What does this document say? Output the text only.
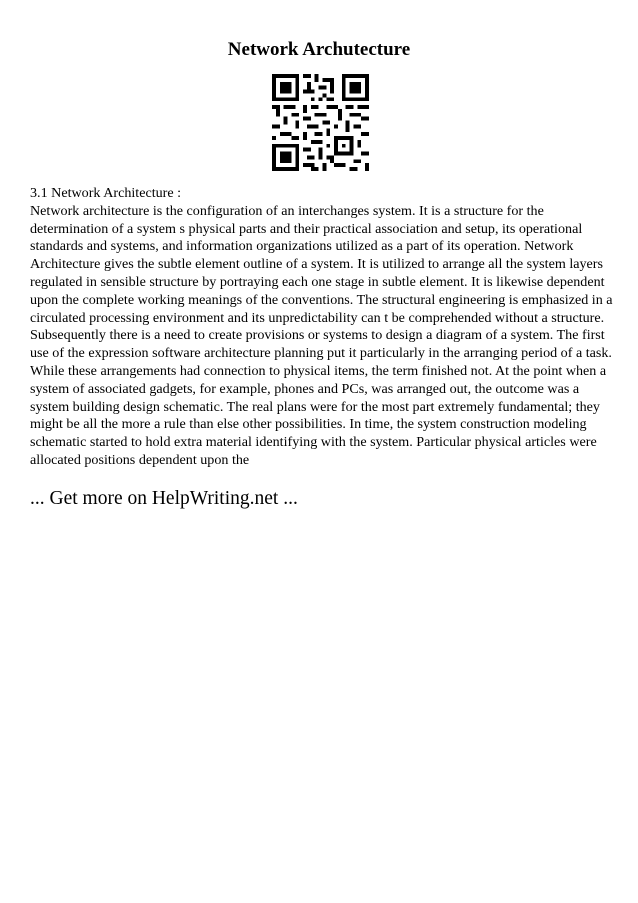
Network Archutecture

3.1 Network Architecture :

Network architecture is the configuration of an interchanges system. It is a structure for the determination of a system s physical parts and their practical association and setup, its operational standards and systems, and information organizations utilized as a part of its operation. Network Architecture gives the subtle element outline of a system. It is utilized to arrange all the system layers regulated in sensible structure by portraying each one stage in subtle element. It is likewise dependent upon the complete working meanings of the conventions. The structural engineering is emphasized in a circulated processing environment and its unpredictability can t be comprehended without a structure. Subsequently there is a need to create provisions or systems to design a diagram of a system. The first use of the expression software architecture planning put it particularly in the arranging period of a task. While these arrangements had connection to physical items, the term finished not. At the point when a system of associated gadgets, for example, phones and PCs, was arranged out, the outcome was a system building design schematic. The real plans were for the most part extremely fundamental; they might be all the more a rule than else other possibilities. In time, the system construction modeling schematic started to hold extra material identifying with the system. Particular physical articles were allocated positions dependent upon the

... Get more on HelpWriting.net ...
